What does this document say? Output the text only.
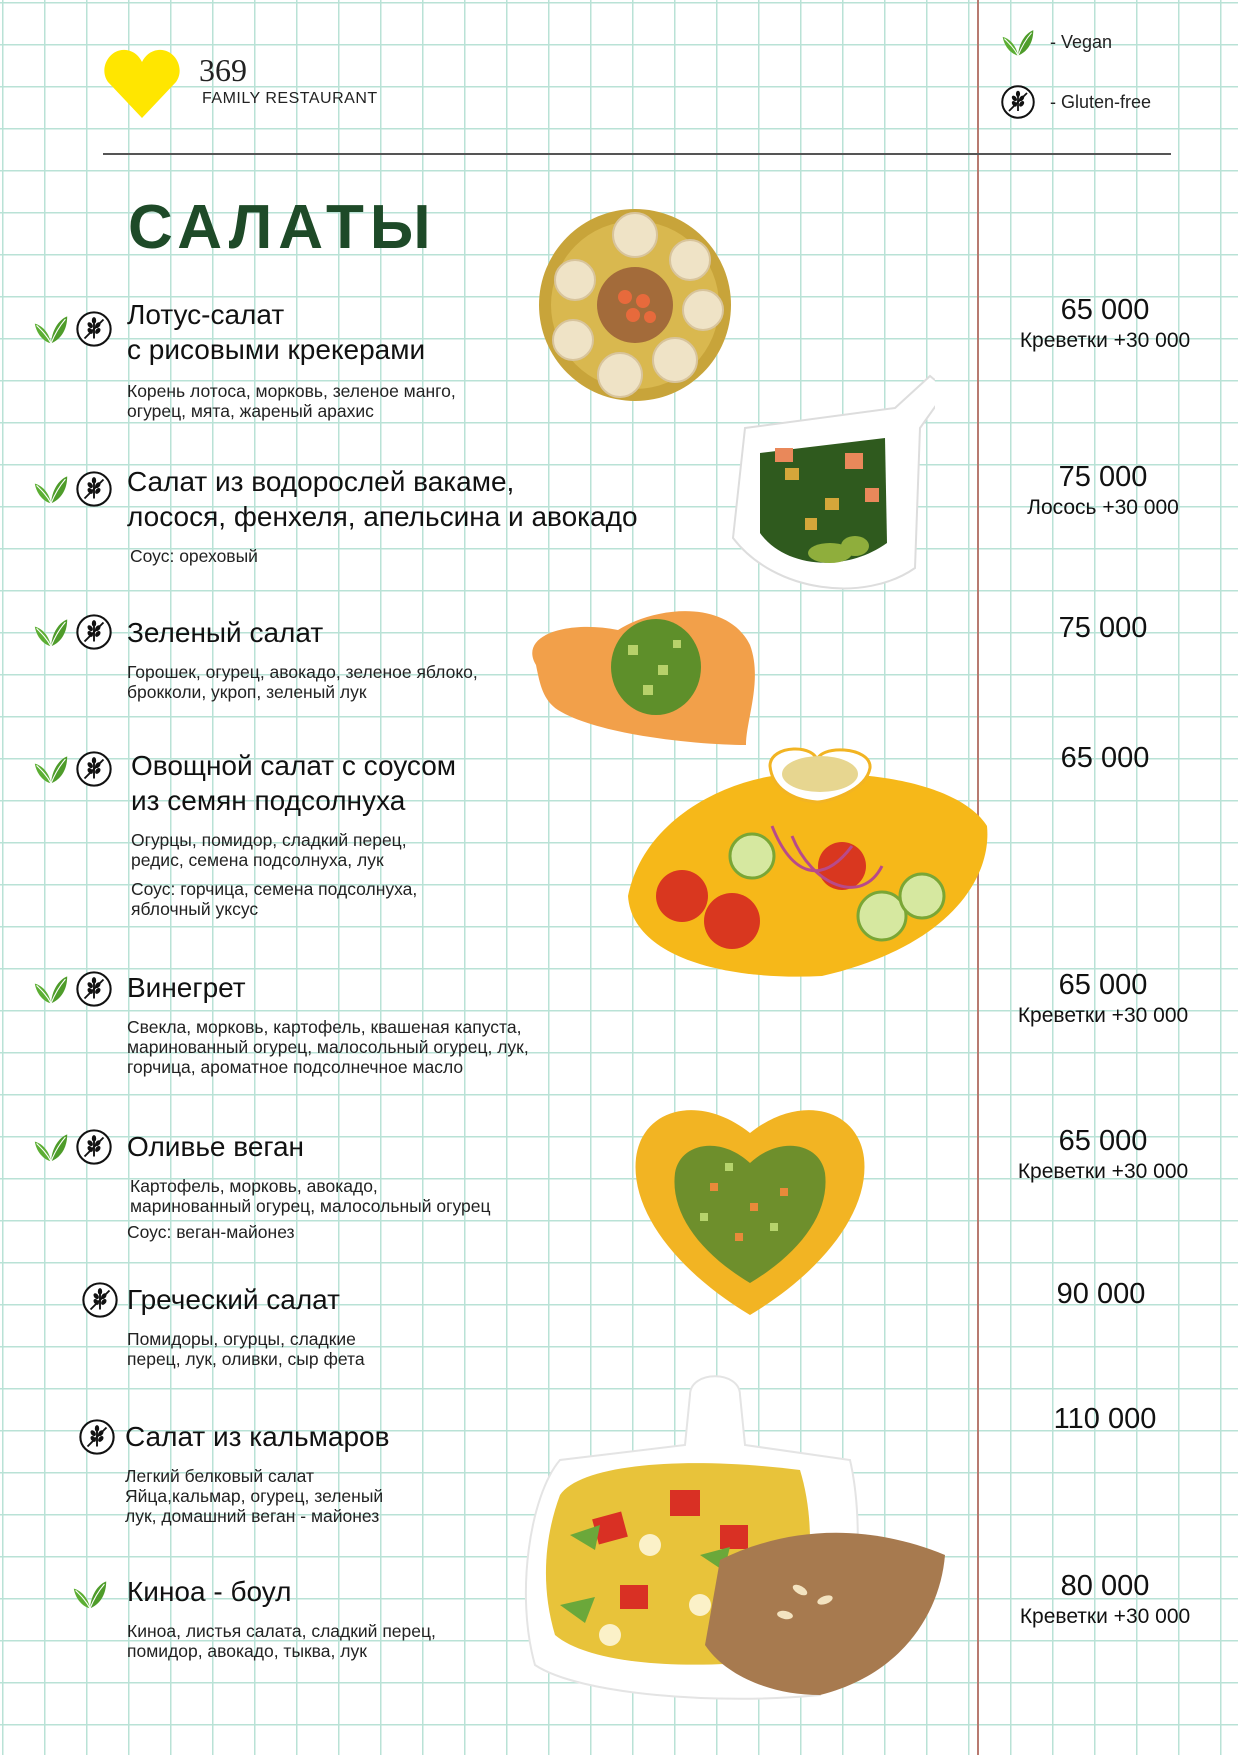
369
FAMILY RESTAURANT
- Vegan
- Gluten-free
САЛАТЫ
Лотус-салат
с рисовыми крекерами
Корень лотоса, морковь, зеленое манго,
огурец, мята, жареный арахис
65 000
Креветки +30 000
Салат из водорослей вакаме,
лосося, фенхеля, апельсина и авокадо
Соус: ореховый
75 000
Лосось +30 000
Зеленый салат
Горошек, огурец, авокадо, зеленое яблоко,
брокколи, укроп, зеленый лук
75 000
Овощной салат с соусом
из семян подсолнуха
Огурцы, помидор, сладкий перец,
редис, семена подсолнуха, лук
Соус: горчица, семена подсолнуха,
яблочный уксус
65 000
Винегрет
Свекла, морковь, картофель, квашеная капуста,
маринованный огурец, малосольный огурец, лук,
горчица, ароматное подсолнечное масло
65 000
Креветки +30 000
Оливье веган
Картофель, морковь, авокадо,
маринованный огурец, малосольный огурец
Соус: веган-майонез
65 000
Креветки +30 000
Греческий салат
Помидоры, огурцы, сладкие
перец, лук, оливки, сыр фета
90 000
Салат из кальмаров
Легкий белковый салат
Яйца,кальмар, огурец, зеленый
лук, домашний веган - майонез
110 000
Киноа - боул
Киноа, листья салата, сладкий перец,
помидор, авокадо, тыква, лук
80 000
Креветки +30 000
